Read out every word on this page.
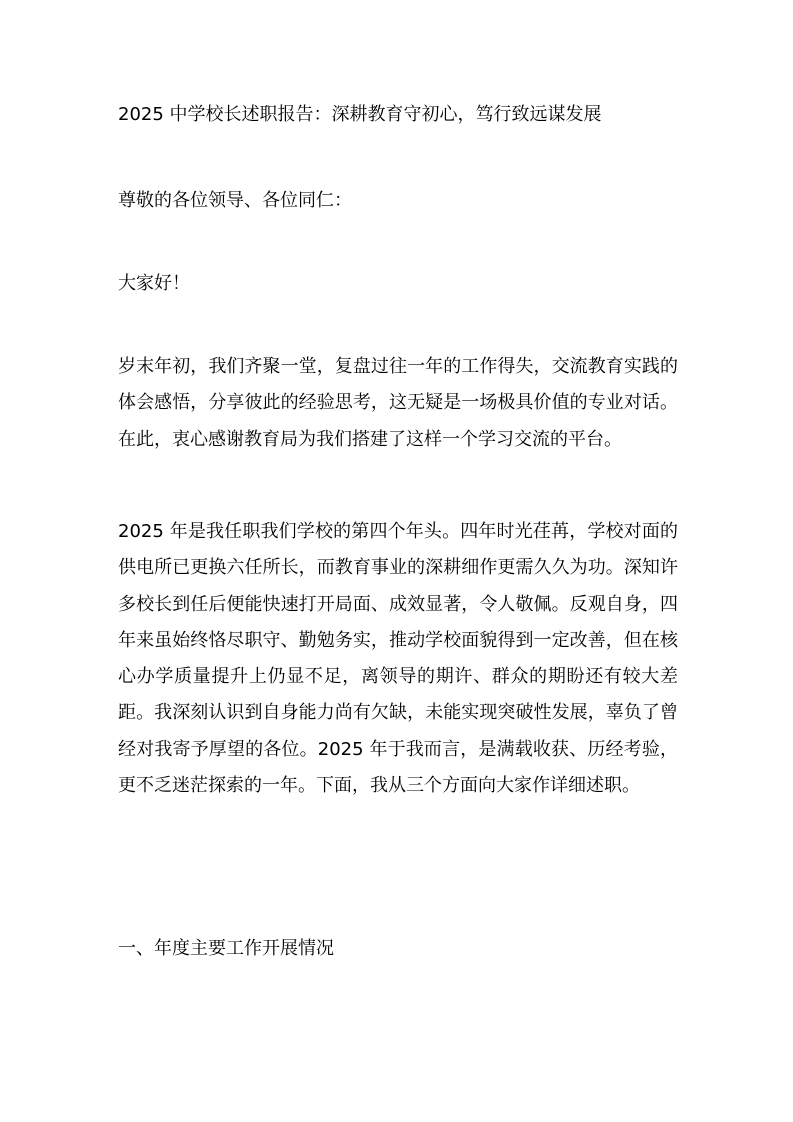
2025 中学校长述职报告：深耕教育守初心，笃行致远谋发展

尊敬的各位领导、各位同仁：

大家好！

岁末年初，我们齐聚一堂，复盘过往一年的工作得失，交流教育实践的体会感悟，分享彼此的经验思考，这无疑是一场极具价值的专业对话。在此，衷心感谢教育局为我们搭建了这样一个学习交流的平台。

2025 年是我任职我们学校的第四个年头。四年时光荏苒，学校对面的供电所已更换六任所长，而教育事业的深耕细作更需久久为功。深知许多校长到任后便能快速打开局面、成效显著，令人敬佩。反观自身，四年来虽始终恪尽职守、勤勉务实，推动学校面貌得到一定改善，但在核心办学质量提升上仍显不足，离领导的期许、群众的期盼还有较大差距。我深刻认识到自身能力尚有欠缺，未能实现突破性发展，辜负了曾经对我寄予厚望的各位。2025 年于我而言，是满载收获、历经考验，更不乏迷茫探索的一年。下面，我从三个方面向大家作详细述职。

一、年度主要工作开展情况
